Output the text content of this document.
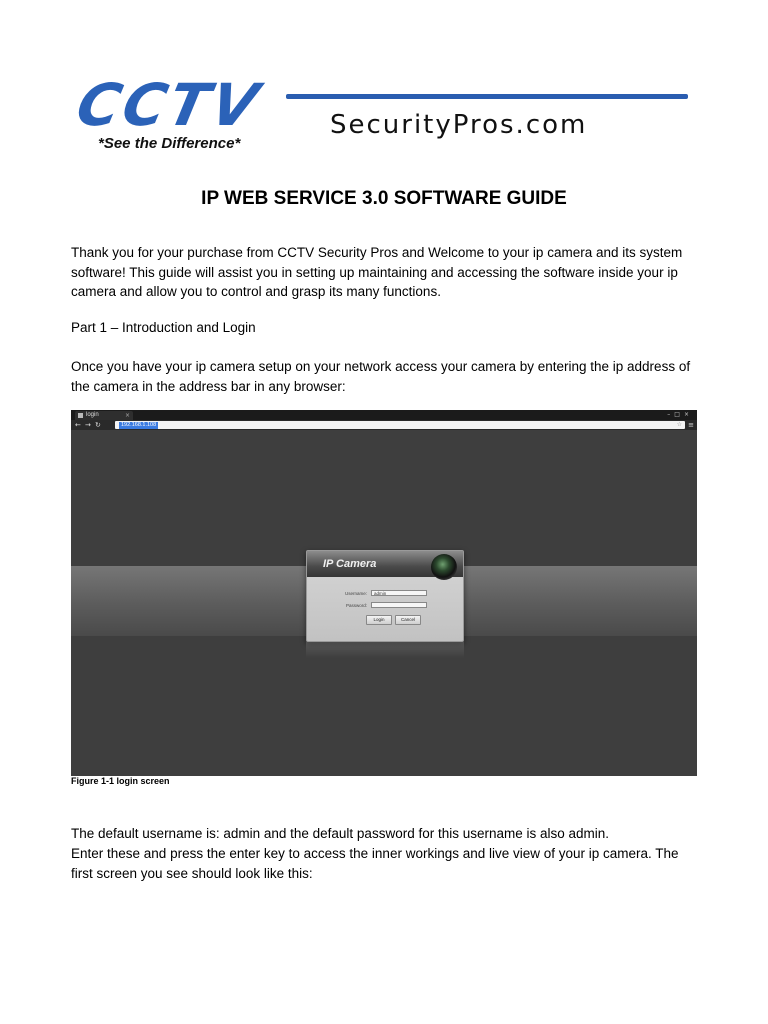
CCTV SecurityPros.com
*See the Difference*
IP WEB SERVICE 3.0 SOFTWARE GUIDE

Thank you for your purchase from CCTV Security Pros and Welcome to your ip camera and its system software! This guide will assist you in setting up maintaining and accessing the software inside your ip camera and allow you to control and grasp its many functions.

Part 1 – Introduction and Login

Once you have your ip camera setup on your network access your camera by entering the ip address of the camera in the address bar in any browser:

login	×	–□×
← → ↻	192.168.1.108	☆ ≡
IP Camera
Username:	admin
Password:
Login	Cancel
Figure 1-1 login screen

The default username is: admin and the default password for this username is also admin.

Enter these and press the enter key to access the inner workings and live view of your ip camera. The first screen you see should look like this:
